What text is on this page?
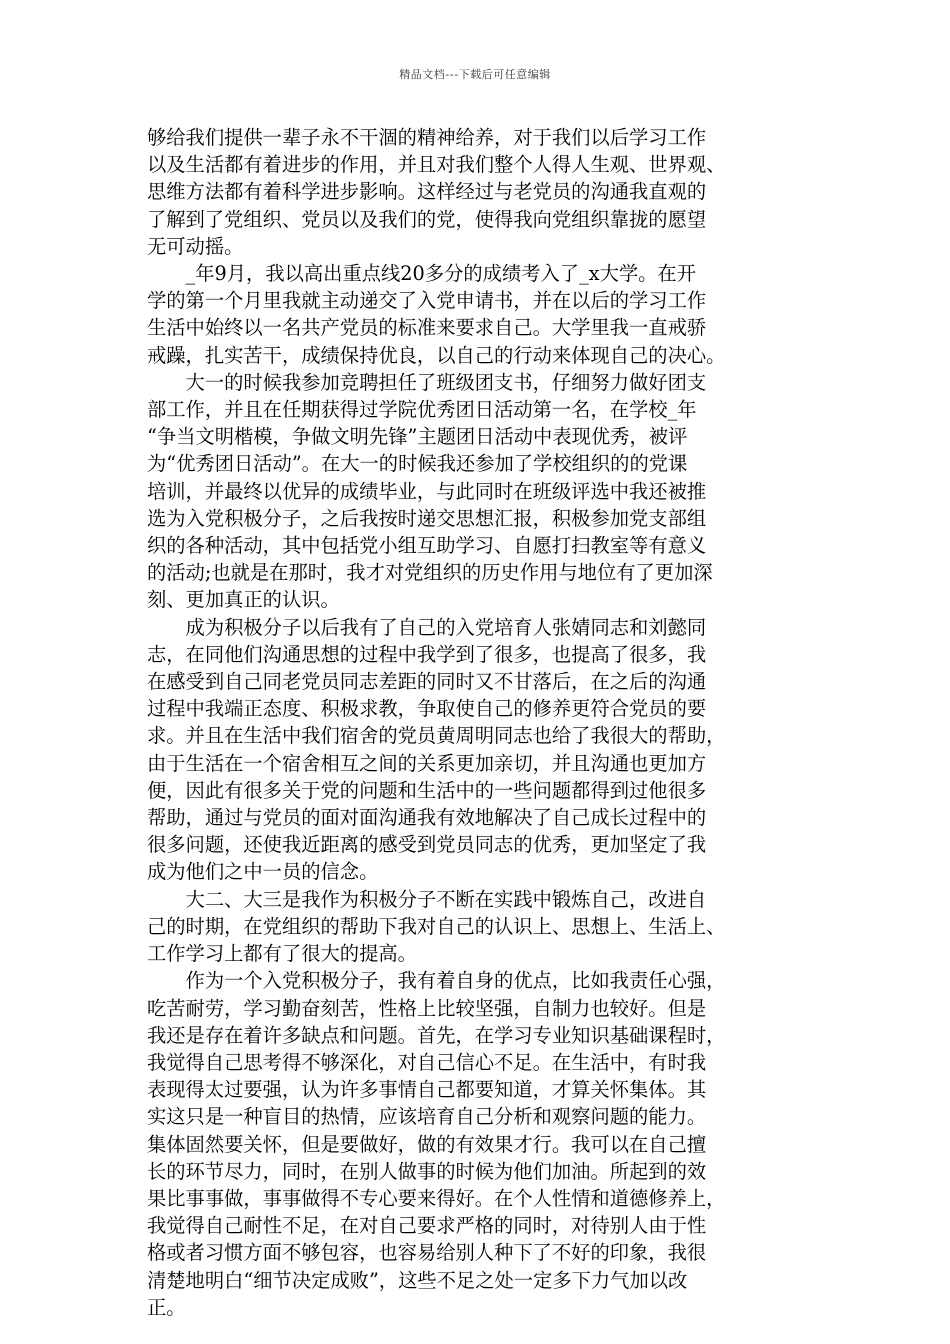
精品文档---下载后可任意编辑

够给我们提供一辈子永不干涸的精神给养，对于我们以后学习工作

以及生活都有着进步的作用，并且对我们整个人得人生观、世界观、

思维方法都有着科学进步影响。这样经过与老党员的沟通我直观的

了解到了党组织、党员以及我们的党，使得我向党组织靠拢的愿望

无可动摇。

　　_年9月，我以高出重点线20多分的成绩考入了_x大学。在开

学的第一个月里我就主动递交了入党申请书，并在以后的学习工作

生活中始终以一名共产党员的标准来要求自己。大学里我一直戒骄

戒躁，扎实苦干，成绩保持优良，以自己的行动来体现自己的决心。

　　大一的时候我参加竞聘担任了班级团支书，仔细努力做好团支

部工作，并且在任期获得过学院优秀团日活动第一名，在学校_年

“争当文明楷模，争做文明先锋”主题团日活动中表现优秀，被评

为“优秀团日活动”。在大一的时候我还参加了学校组织的的党课

培训，并最终以优异的成绩毕业，与此同时在班级评选中我还被推

选为入党积极分子，之后我按时递交思想汇报，积极参加党支部组

织的各种活动，其中包括党小组互助学习、自愿打扫教室等有意义

的活动;也就是在那时，我才对党组织的历史作用与地位有了更加深

刻、更加真正的认识。

　　成为积极分子以后我有了自己的入党培育人张婧同志和刘懿同

志，在同他们沟通思想的过程中我学到了很多，也提高了很多，我

在感受到自己同老党员同志差距的同时又不甘落后，在之后的沟通

过程中我端正态度、积极求教，争取使自己的修养更符合党员的要

求。并且在生活中我们宿舍的党员黄周明同志也给了我很大的帮助，

由于生活在一个宿舍相互之间的关系更加亲切，并且沟通也更加方

便，因此有很多关于党的问题和生活中的一些问题都得到过他很多

帮助，通过与党员的面对面沟通我有效地解决了自己成长过程中的

很多问题，还使我近距离的感受到党员同志的优秀，更加坚定了我

成为他们之中一员的信念。

　　大二、大三是我作为积极分子不断在实践中锻炼自己，改进自

己的时期，在党组织的帮助下我对自己的认识上、思想上、生活上、

工作学习上都有了很大的提高。

　　作为一个入党积极分子，我有着自身的优点，比如我责任心强，

吃苦耐劳，学习勤奋刻苦，性格上比较坚强，自制力也较好。但是

我还是存在着许多缺点和问题。首先，在学习专业知识基础课程时，

我觉得自己思考得不够深化，对自己信心不足。在生活中，有时我

表现得太过要强，认为许多事情自己都要知道，才算关怀集体。其

实这只是一种盲目的热情，应该培育自己分析和观察问题的能力。

集体固然要关怀，但是要做好，做的有效果才行。我可以在自己擅

长的环节尽力，同时，在别人做事的时候为他们加油。所起到的效

果比事事做，事事做得不专心要来得好。在个人性情和道德修养上，

我觉得自己耐性不足，在对自己要求严格的同时，对待别人由于性

格或者习惯方面不够包容，也容易给别人种下了不好的印象，我很

清楚地明白“细节决定成败”，这些不足之处一定多下力气加以改

正。
